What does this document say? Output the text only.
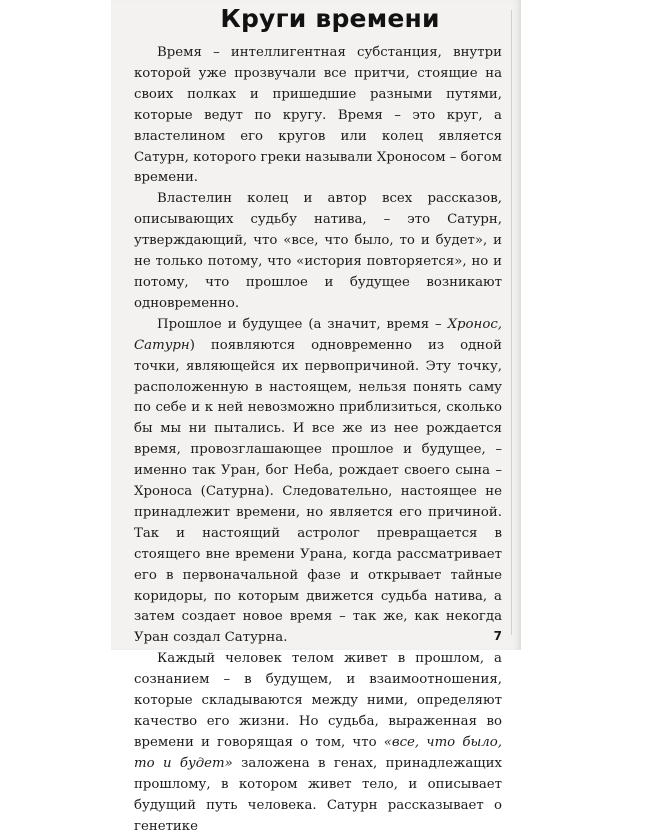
Круги времени

Время – интеллигентная субстанция, внутри которой уже прозвучали все притчи, стоящие на своих полках и пришедшие разными путями, которые ведут по кругу. Время – это круг, а властелином его кругов или колец является Сатурн, которого греки называли Хроносом – богом времени.

Властелин колец и автор всех рассказов, описывающих судьбу натива, – это Сатурн, утверждающий, что «все, что было, то и будет», и не только потому, что «история повторяется», но и потому, что прошлое и будущее возникают одновременно.

Прошлое и будущее (а значит, время – Хронос, Сатурн) появляются одновременно из одной точки, являющейся их первопричиной. Эту точку, расположенную в настоящем, нельзя понять саму по себе и к ней невозможно приблизиться, сколько бы мы ни пытались. И все же из нее рождается время, провозглашающее прошлое и будущее, – именно так Уран, бог Неба, рождает своего сына – Хроноса (Сатурна). Следовательно, настоящее не принадлежит времени, но является его причиной. Так и настоящий астролог превращается в стоящего вне времени Урана, когда рассматривает его в первоначальной фазе и открывает тайные коридоры, по которым движется судьба натива, а затем создает новое время – так же, как некогда Уран создал Сатурна.

Каждый человек телом живет в прошлом, а сознанием – в будущем, и взаимоотношения, которые складываются между ними, определяют качество его жизни. Но судьба, выраженная во времени и говорящая о том, что «все, что было, то и будет» заложена в генах, принадлежащих прошлому, в котором живет тело, и описывает будущий путь человека. Сатурн рассказывает о генетике

7
